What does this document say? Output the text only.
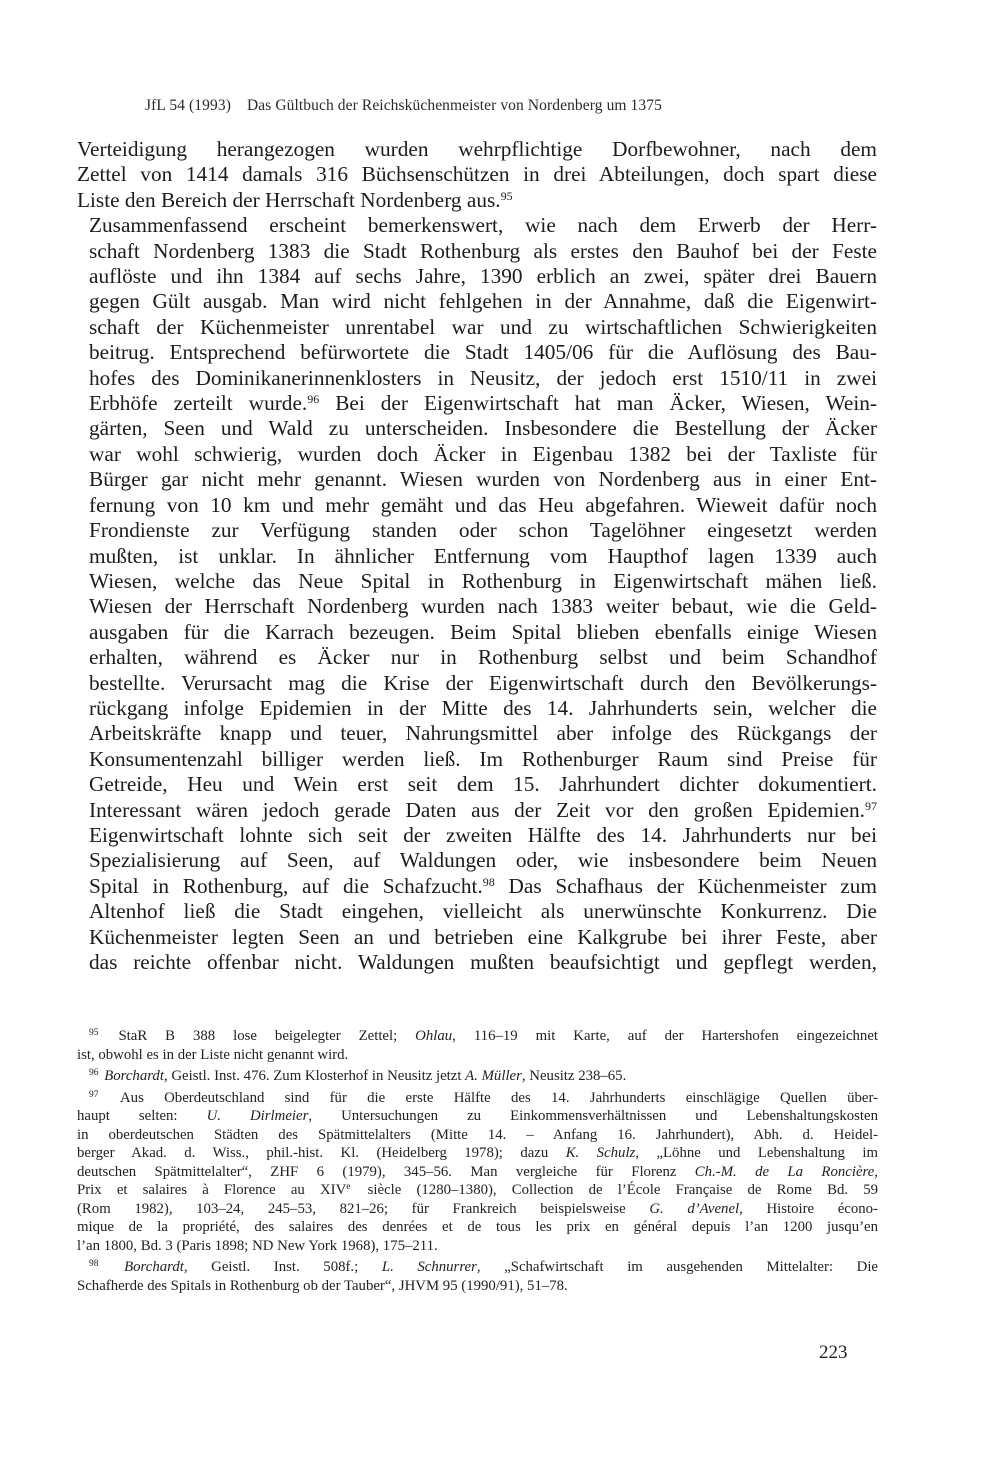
JfL 54 (1993) Das Gültbuch der Reichsküchenmeister von Nordenberg um 1375

Verteidigung herangezogen wurden wehrpflichtige Dorfbewohner, nach dem
Zettel von 1414 damals 316 Büchsenschützen in drei Abteilungen, doch spart diese
Liste den Bereich der Herrschaft Nordenberg aus.$^{95}$

Zusammenfassend erscheint bemerkenswert, wie nach dem Erwerb der Herr-
schaft Nordenberg 1383 die Stadt Rothenburg als erstes den Bauhof bei der Feste
auflöste und ihn 1384 auf sechs Jahre, 1390 erblich an zwei, später drei Bauern
gegen Gült ausgab. Man wird nicht fehlgehen in der Annahme, daß die Eigenwirt-
schaft der Küchenmeister unrentabel war und zu wirtschaftlichen Schwierigkeiten
beitrug. Entsprechend befürwortete die Stadt 1405/06 für die Auflösung des Bau-
hofes des Dominikanerinnenklosters in Neusitz, der jedoch erst 1510/11 in zwei
Erbhöfe zerteilt wurde.$^{96}$ Bei der Eigenwirtschaft hat man Äcker, Wiesen, Wein-
gärten, Seen und Wald zu unterscheiden. Insbesondere die Bestellung der Äcker
war wohl schwierig, wurden doch Äcker in Eigenbau 1382 bei der Taxliste für
Bürger gar nicht mehr genannt. Wiesen wurden von Nordenberg aus in einer Ent-
fernung von 10 km und mehr gemäht und das Heu abgefahren. Wieweit dafür noch
Frondienste zur Verfügung standen oder schon Tagelöhner eingesetzt werden
mußten, ist unklar. In ähnlicher Entfernung vom Haupthof lagen 1339 auch
Wiesen, welche das Neue Spital in Rothenburg in Eigenwirtschaft mähen ließ.
Wiesen der Herrschaft Nordenberg wurden nach 1383 weiter bebaut, wie die Geld-
ausgaben für die Karrach bezeugen. Beim Spital blieben ebenfalls einige Wiesen
erhalten, während es Äcker nur in Rothenburg selbst und beim Schandhof
bestellte. Verursacht mag die Krise der Eigenwirtschaft durch den Bevölkerungs-
rückgang infolge Epidemien in der Mitte des 14. Jahrhunderts sein, welcher die
Arbeitskräfte knapp und teuer, Nahrungsmittel aber infolge des Rückgangs der
Konsumentenzahl billiger werden ließ. Im Rothenburger Raum sind Preise für
Getreide, Heu und Wein erst seit dem 15. Jahrhundert dichter dokumentiert.
Interessant wären jedoch gerade Daten aus der Zeit vor den großen Epidemien.$^{97}$
Eigenwirtschaft lohnte sich seit der zweiten Hälfte des 14. Jahrhunderts nur bei
Spezialisierung auf Seen, auf Waldungen oder, wie insbesondere beim Neuen
Spital in Rothenburg, auf die Schafzucht.$^{98}$ Das Schafhaus der Küchenmeister zum
Altenhof ließ die Stadt eingehen, vielleicht als unerwünschte Konkurrenz. Die
Küchenmeister legten Seen an und betrieben eine Kalkgrube bei ihrer Feste, aber
das reichte offenbar nicht. Waldungen mußten beaufsichtigt und gepflegt werden,

$^{95}$ StaR B 388 lose beigelegter Zettel; Ohlau, 116–19 mit Karte, auf der Hartershofen eingezeichnet
ist, obwohl es in der Liste nicht genannt wird.
$^{96}$ Borchardt, Geistl. Inst. 476. Zum Klosterhof in Neusitz jetzt A. Müller, Neusitz 238–65.
$^{97}$ Aus Oberdeutschland sind für die erste Hälfte des 14. Jahrhunderts einschlägige Quellen über-
haupt selten: U. Dirlmeier, Untersuchungen zu Einkommensverhältnissen und Lebenshaltungskosten
in oberdeutschen Städten des Spätmittelalters (Mitte 14. – Anfang 16. Jahrhundert), Abh. d. Heidel-
berger Akad. d. Wiss., phil.-hist. Kl. (Heidelberg 1978); dazu K. Schulz, „Löhne und Lebenshaltung im
deutschen Spätmittelalter“, ZHF 6 (1979), 345–56. Man vergleiche für Florenz Ch.-M. de La Roncière,
Prix et salaires à Florence au XIVe siècle (1280–1380), Collection de l’École Française de Rome Bd. 59
(Rom 1982), 103–24, 245–53, 821–26; für Frankreich beispielsweise G. d’Avenel, Histoire écono-
mique de la propriété, des salaires des denrées et de tous les prix en général depuis l’an 1200 jusqu’en
l’an 1800, Bd. 3 (Paris 1898; ND New York 1968), 175–211.
$^{98}$ Borchardt, Geistl. Inst. 508f.; L. Schnurrer, „Schafwirtschaft im ausgehenden Mittelalter: Die
Schafherde des Spitals in Rothenburg ob der Tauber“, JHVM 95 (1990/91), 51–78.
223
